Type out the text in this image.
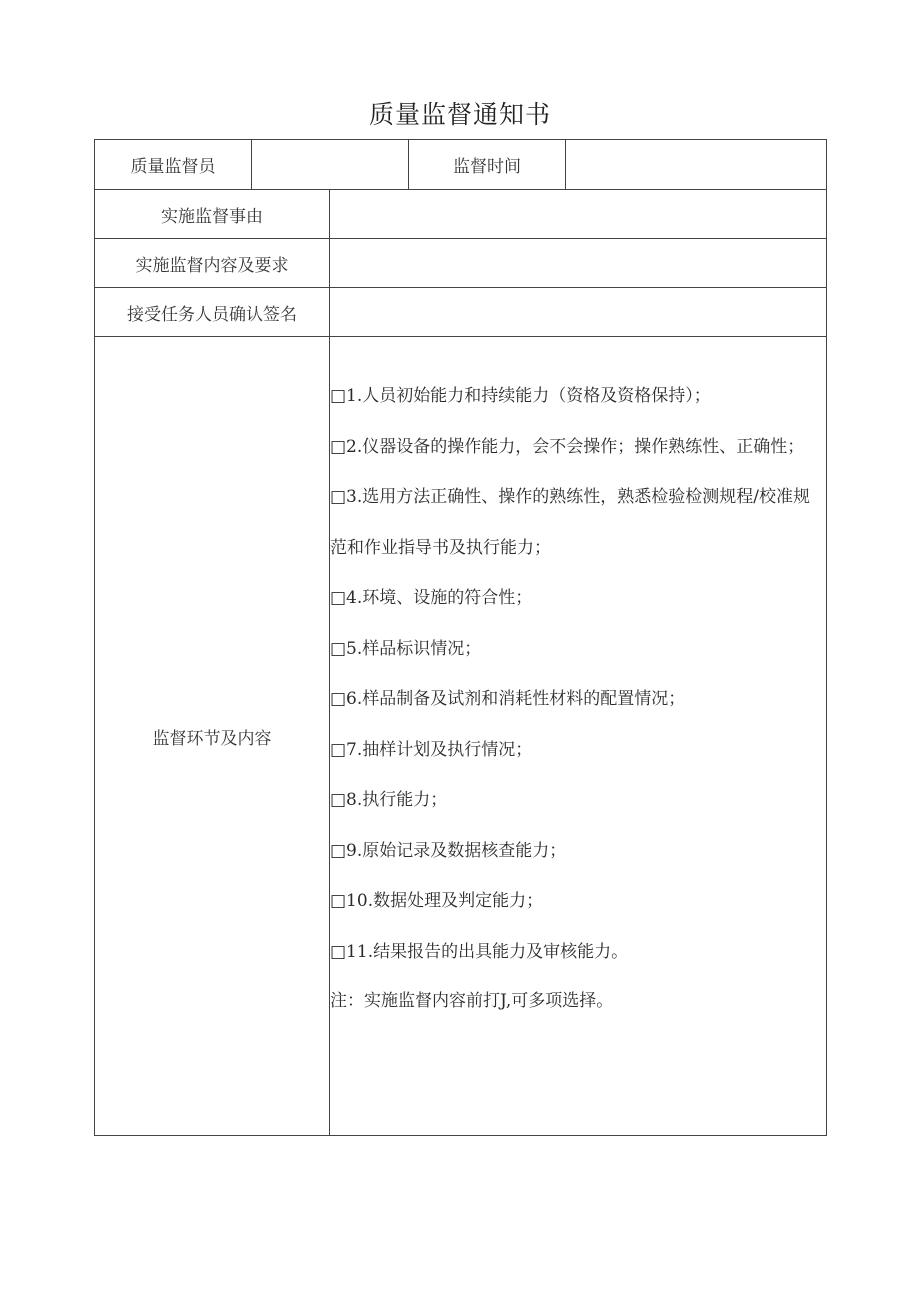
质量监督通知书
质量监督员	监督时间
实施监督事由
实施监督内容及要求
接受任务人员确认签名
监督环节及内容
□1.人员初始能力和持续能力（资格及资格保持）；
□2.仪器设备的操作能力，会不会操作；操作熟练性、正确性；
□3.选用方法正确性、操作的熟练性，熟悉检验检测规程/校准规范和作业指导书及执行能力；
□4.环境、设施的符合性；
□5.样品标识情况；
□6.样品制备及试剂和消耗性材料的配置情况；
□7.抽样计划及执行情况；
□8.执行能力；
□9.原始记录及数据核查能力；
□10.数据处理及判定能力；
□11.结果报告的出具能力及审核能力。
注：实施监督内容前打J,可多项选择。
